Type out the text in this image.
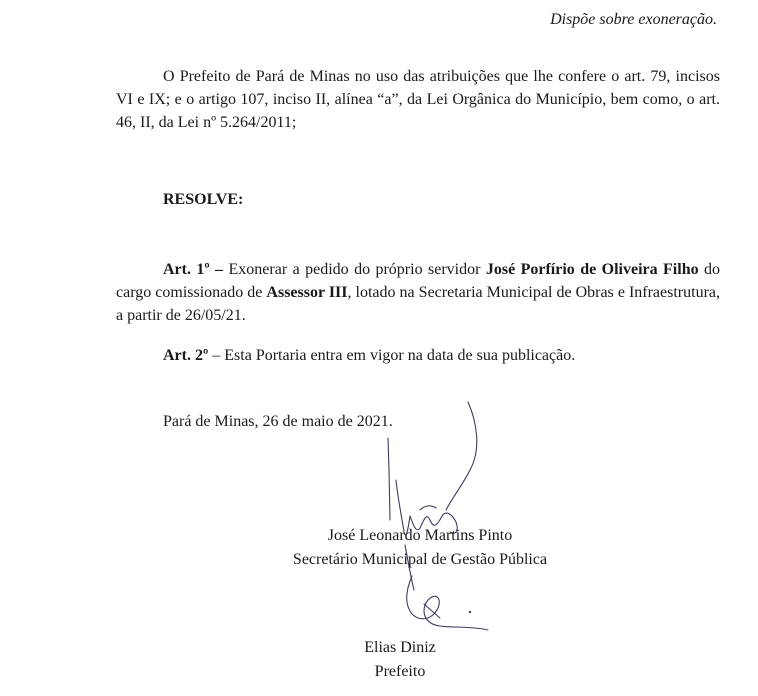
Dispõe sobre exoneração.

O Prefeito de Pará de Minas no uso das atribuições que lhe confere o art. 79, incisos VI e IX; e o artigo 107, inciso II, alínea “a”, da Lei Orgânica do Município, bem como, o art. 46, II, da Lei nº 5.264/2011;

RESOLVE:

Art. 1º – Exonerar a pedido do próprio servidor José Porfírio de Oliveira Filho do cargo comissionado de Assessor III, lotado na Secretaria Municipal de Obras e Infraestrutura, a partir de 26/05/21.

Art. 2º – Esta Portaria entra em vigor na data de sua publicação.

Pará de Minas, 26 de maio de 2021.

José Leonardo Martins Pinto
Secretário Municipal de Gestão Pública
Elias Diniz
Prefeito
